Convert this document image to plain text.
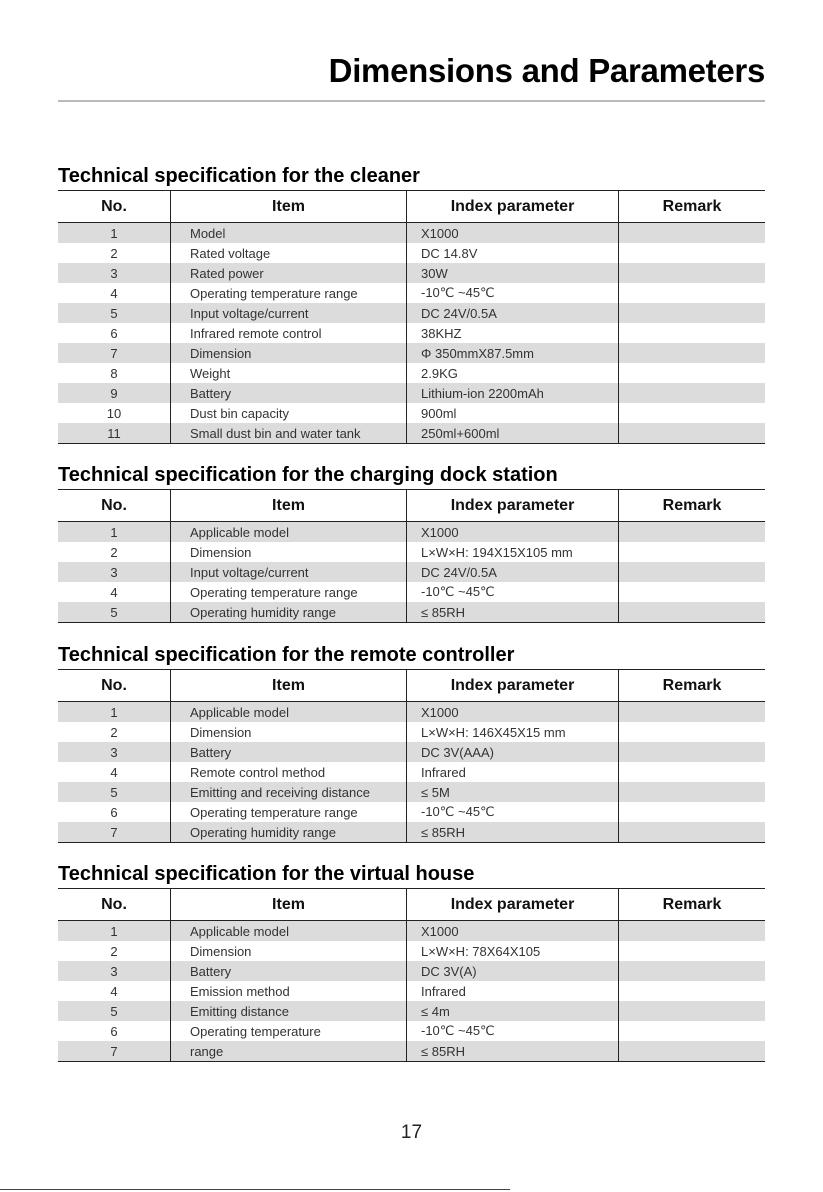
Dimensions and Parameters
Technical specification for the cleaner
No.	Item	Index parameter	Remark
1	Model	X1000
2	Rated voltage	DC 14.8V
3	Rated power	30W
4	Operating temperature range	-10℃ ~45℃
5	Input voltage/current	DC 24V/0.5A
6	Infrared remote control	38KHZ
7	Dimension	Φ 350mmX87.5mm
8	Weight	2.9KG
9	Battery	Lithium-ion 2200mAh
10	Dust bin capacity	900ml
11	Small dust bin and water tank	250ml+600ml
Technical specification for the charging dock station
No.	Item	Index parameter	Remark
1	Applicable model	X1000
2	Dimension	L×W×H: 194X15X105 mm
3	Input voltage/current	DC 24V/0.5A
4	Operating temperature range	-10℃ ~45℃
5	Operating humidity range	≤ 85RH
Technical specification for the remote controller
No.	Item	Index parameter	Remark
1	Applicable model	X1000
2	Dimension	L×W×H: 146X45X15 mm
3	Battery	DC 3V(AAA)
4	Remote control method	Infrared
5	Emitting and receiving distance	≤ 5M
6	Operating temperature range	-10℃ ~45℃
7	Operating humidity range	≤ 85RH
Technical specification for the virtual house
No.	Item	Index parameter	Remark
1	Applicable model	X1000
2	Dimension	L×W×H: 78X64X105
3	Battery	DC 3V(A)
4	Emission method	Infrared
5	Emitting distance	≤ 4m
6	Operating temperature	-10℃ ~45℃
7	range	≤ 85RH
17
